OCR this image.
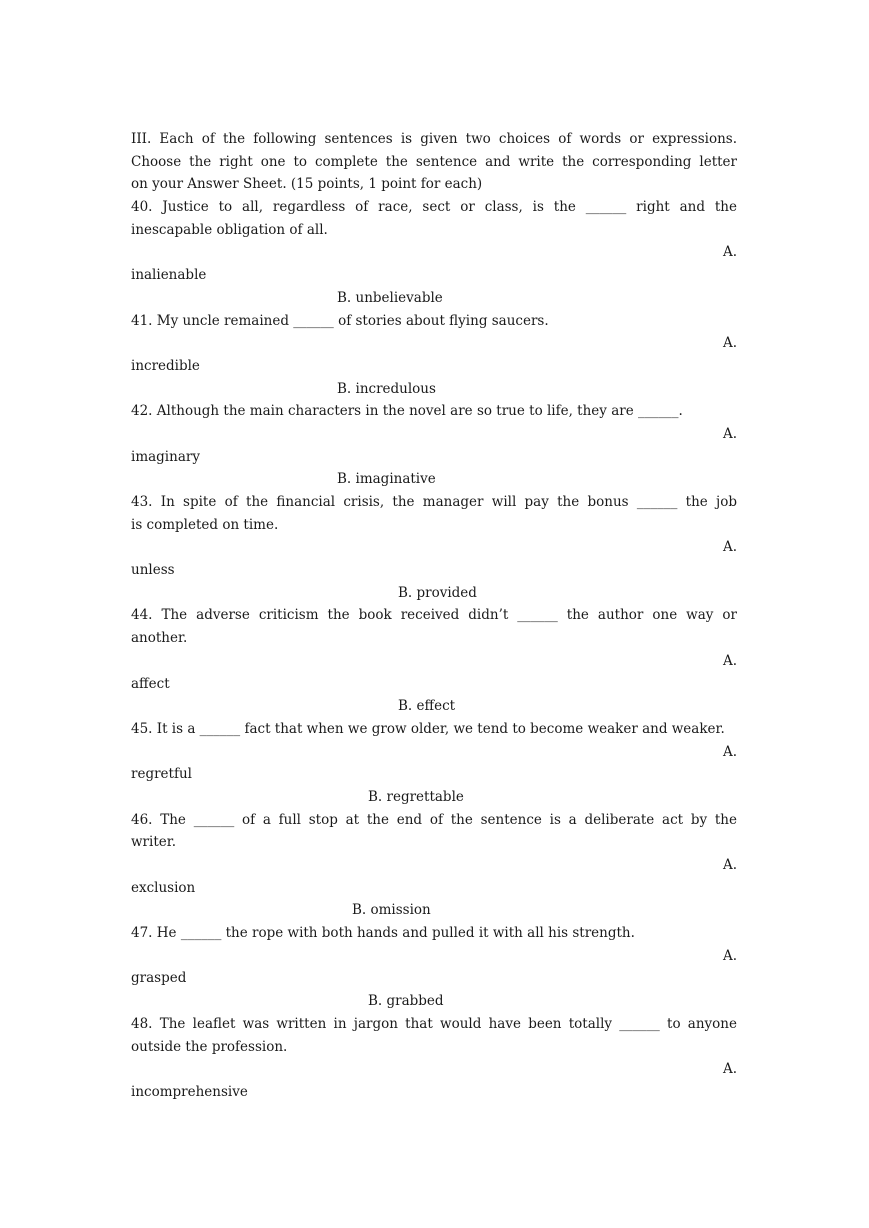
III. Each of the following sentences is given two choices of words or expressions.
Choose the right one to complete the sentence and write the corresponding letter
on your Answer Sheet. (15 points, 1 point for each)
40. Justice to all, regardless of race, sect or class, is the ______ right and the
inescapable obligation of all.
A.
inalienable
B. unbelievable
41. My uncle remained ______ of stories about flying saucers.
A.
incredible
B. incredulous
42. Although the main characters in the novel are so true to life, they are ______.
A.
imaginary
B. imaginative
43. In spite of the financial crisis, the manager will pay the bonus ______ the job
is completed on time.
A.
unless
B. provided
44. The adverse criticism the book received didn’t ______ the author one way or
another.
A.
affect
B. effect
45. It is a ______ fact that when we grow older, we tend to become weaker and weaker.
A.
regretful
B. regrettable
46. The ______ of a full stop at the end of the sentence is a deliberate act by the
writer.
A.
exclusion
B. omission
47. He ______ the rope with both hands and pulled it with all his strength.
A.
grasped
B. grabbed
48. The leaflet was written in jargon that would have been totally ______ to anyone
outside the profession.
A.
incomprehensive
